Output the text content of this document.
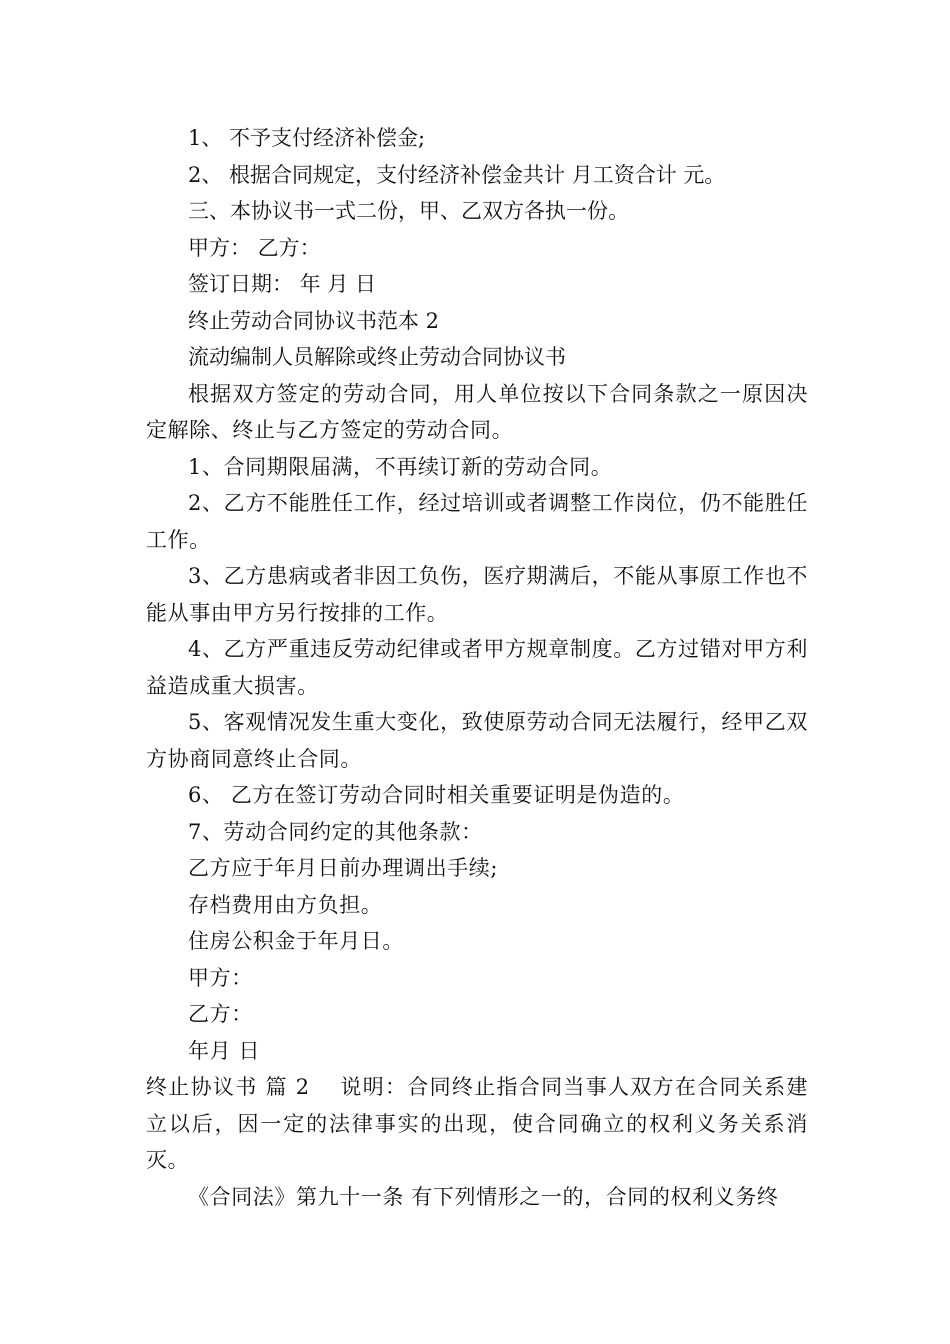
1、 不予支付经济补偿金;

2、 根据合同规定，支付经济补偿金共计 月工资合计 元。

三、本协议书一式二份，甲、乙双方各执一份。

甲方： 乙方：

签订日期： 年 月 日

终止劳动合同协议书范本 2

流动编制人员解除或终止劳动合同协议书

根据双方签定的劳动合同，用人单位按以下合同条款之一原因决定解除、终止与乙方签定的劳动合同。

1、合同期限届满，不再续订新的劳动合同。

2、乙方不能胜任工作，经过培训或者调整工作岗位，仍不能胜任工作。

3、乙方患病或者非因工负伤，医疗期满后，不能从事原工作也不能从事由甲方另行按排的工作。

4、乙方严重违反劳动纪律或者甲方规章制度。乙方过错对甲方利益造成重大损害。

5、客观情况发生重大变化，致使原劳动合同无法履行，经甲乙双方协商同意终止合同。

6、 乙方在签订劳动合同时相关重要证明是伪造的。

7、劳动合同约定的其他条款：

乙方应于年月日前办理调出手续;

存档费用由方负担。

住房公积金于年月日。

甲方：

乙方：

年月 日

终止协议书 篇 2 说明：合同终止指合同当事人双方在合同关系建立以后，因一定的法律事实的出现，使合同确立的权利义务关系消灭。

《合同法》第九十一条 有下列情形之一的，合同的权利义务终
